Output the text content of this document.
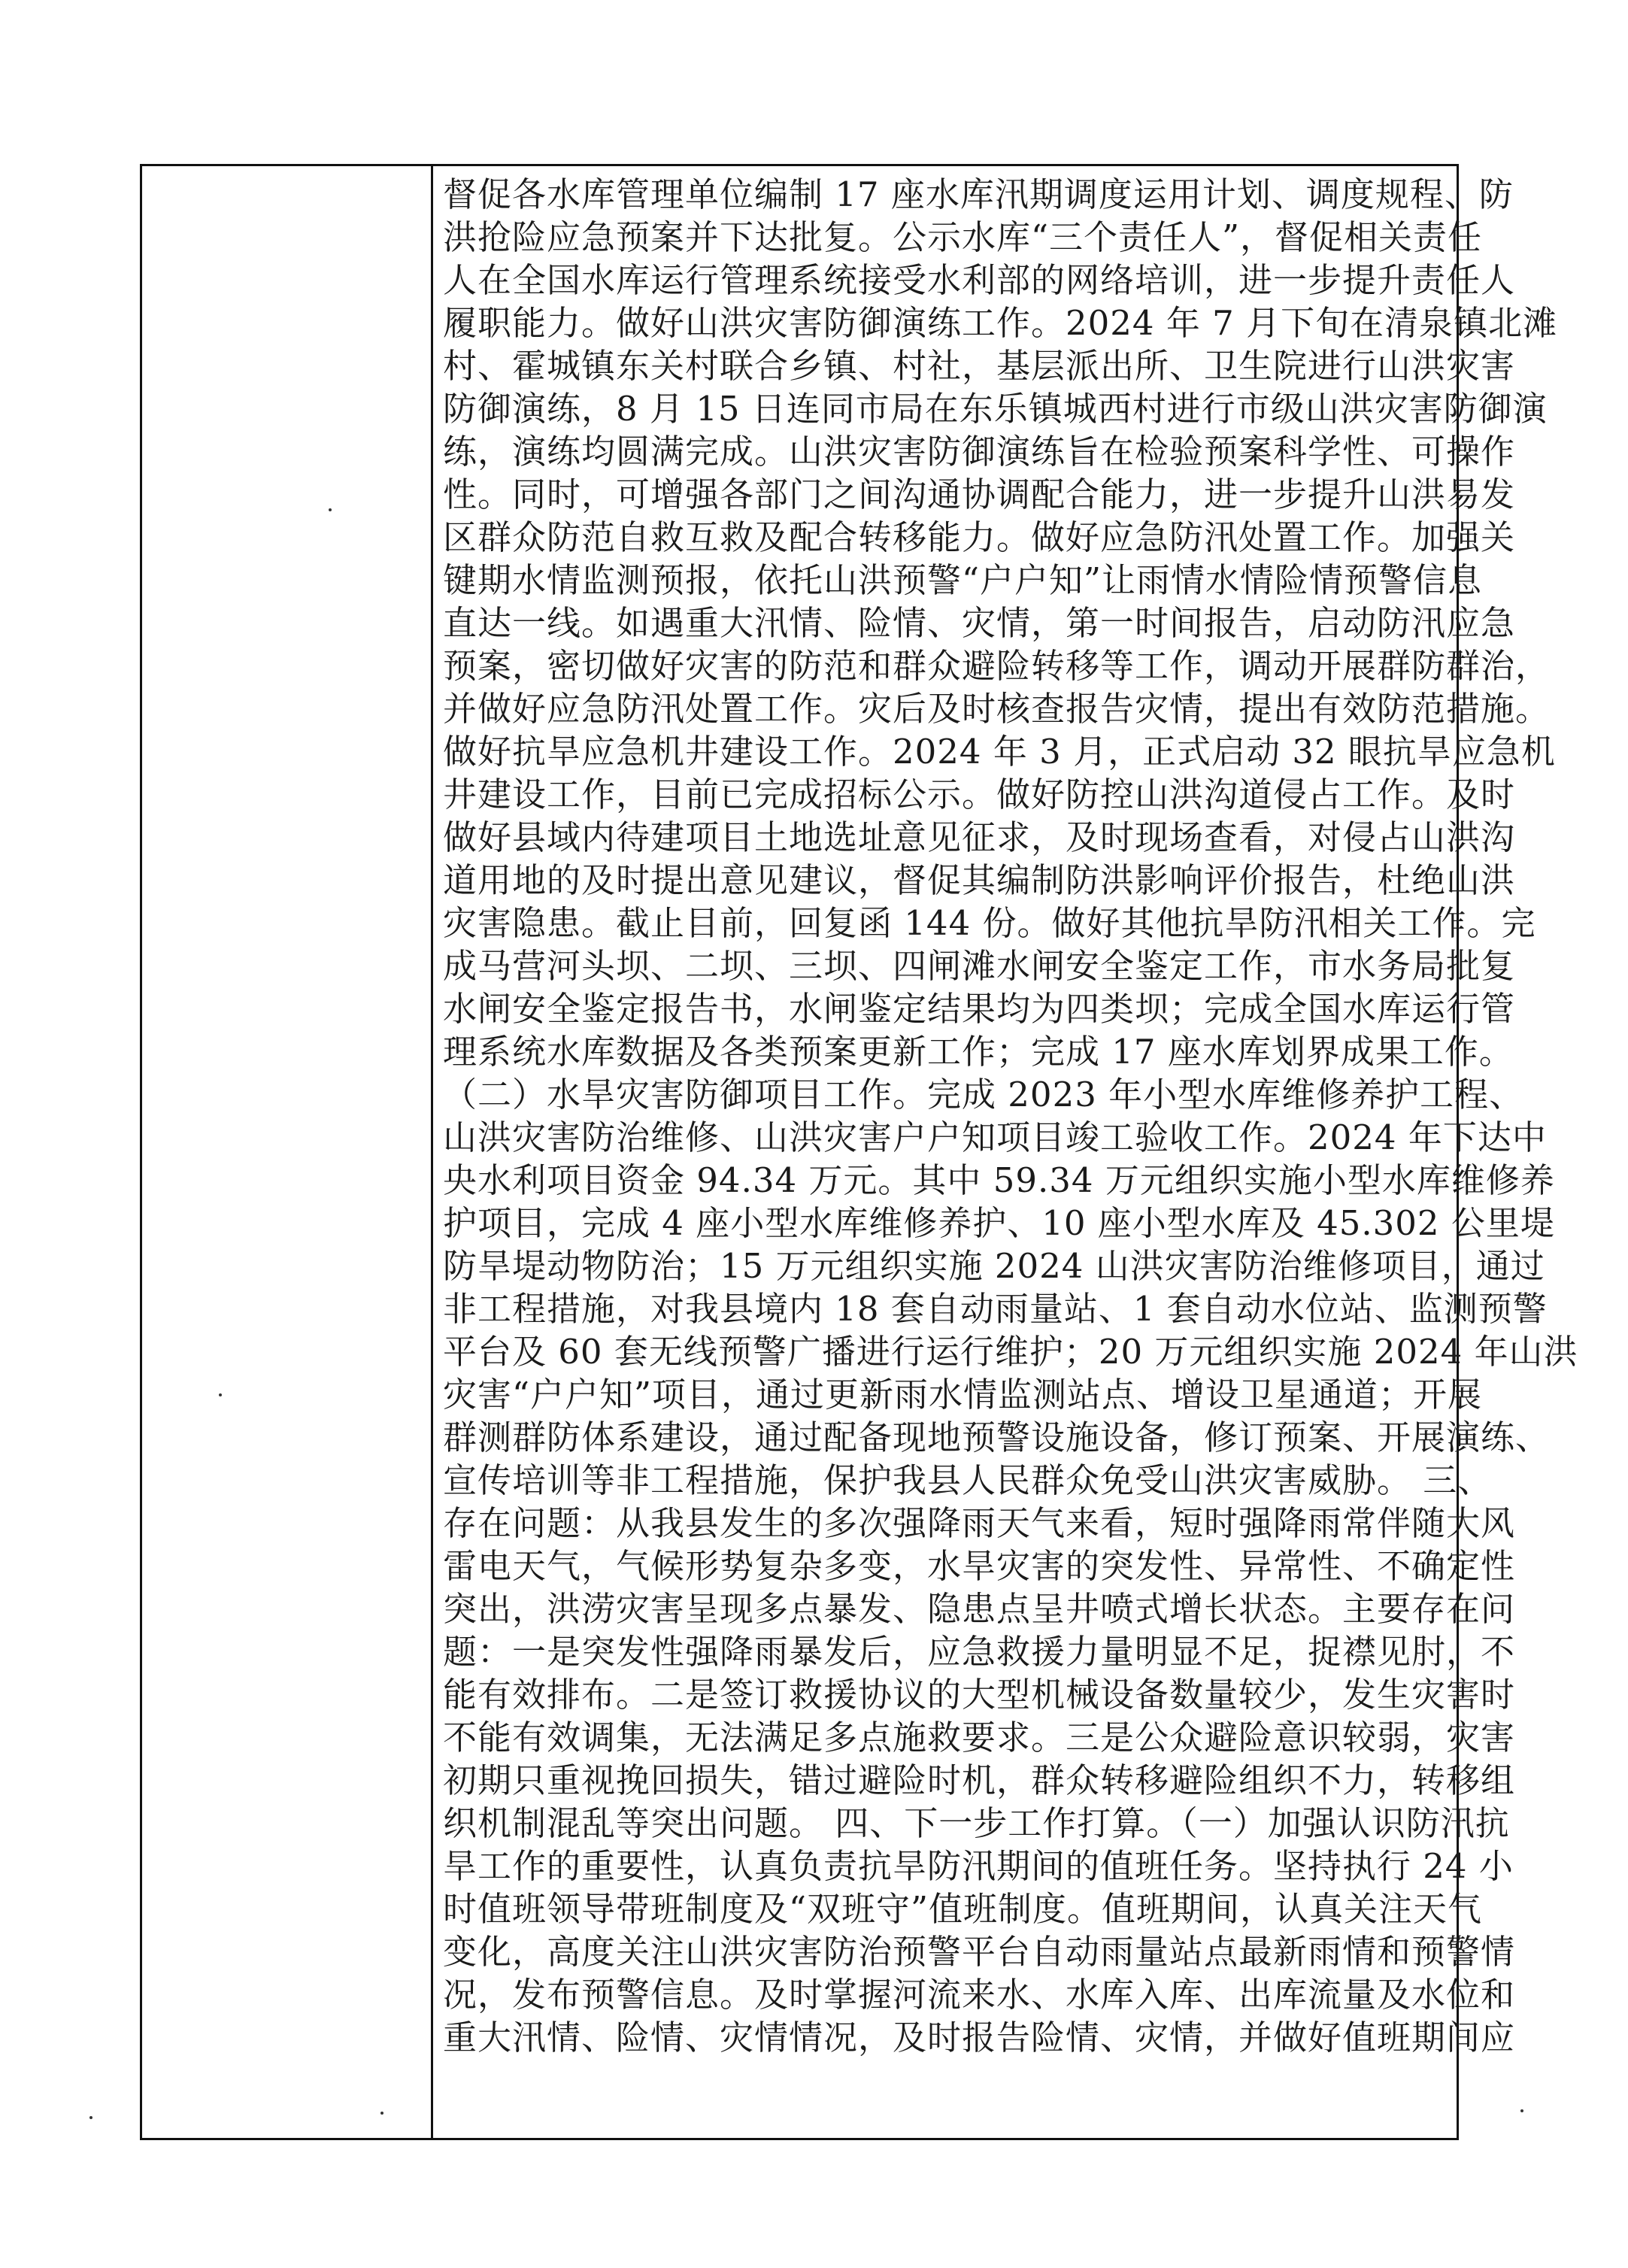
督促各水库管理单位编制 17 座水库汛期调度运用计划、调度规程、防
洪抢险应急预案并下达批复。公示水库“三个责任人”，督促相关责任
人在全国水库运行管理系统接受水利部的网络培训，进一步提升责任人
履职能力。做好山洪灾害防御演练工作。2024 年 7 月下旬在清泉镇北滩
村、霍城镇东关村联合乡镇、村社，基层派出所、卫生院进行山洪灾害
防御演练，8 月 15 日连同市局在东乐镇城西村进行市级山洪灾害防御演
练，演练均圆满完成。山洪灾害防御演练旨在检验预案科学性、可操作
性。同时，可增强各部门之间沟通协调配合能力，进一步提升山洪易发
区群众防范自救互救及配合转移能力。做好应急防汛处置工作。加强关
键期水情监测预报，依托山洪预警“户户知”让雨情水情险情预警信息
直达一线。如遇重大汛情、险情、灾情，第一时间报告，启动防汛应急
预案，密切做好灾害的防范和群众避险转移等工作，调动开展群防群治，
并做好应急防汛处置工作。灾后及时核查报告灾情，提出有效防范措施。
做好抗旱应急机井建设工作。2024 年 3 月，正式启动 32 眼抗旱应急机
井建设工作，目前已完成招标公示。做好防控山洪沟道侵占工作。及时
做好县域内待建项目土地选址意见征求，及时现场查看，对侵占山洪沟
道用地的及时提出意见建议，督促其编制防洪影响评价报告，杜绝山洪
灾害隐患。截止目前，回复函 144 份。做好其他抗旱防汛相关工作。完
成马营河头坝、二坝、三坝、四闸滩水闸安全鉴定工作，市水务局批复
水闸安全鉴定报告书，水闸鉴定结果均为四类坝；完成全国水库运行管
理系统水库数据及各类预案更新工作；完成 17 座水库划界成果工作。
（二）水旱灾害防御项目工作。完成 2023 年小型水库维修养护工程、
山洪灾害防治维修、山洪灾害户户知项目竣工验收工作。2024 年下达中
央水利项目资金 94.34 万元。其中 59.34 万元组织实施小型水库维修养
护项目，完成 4 座小型水库维修养护、10 座小型水库及 45.302 公里堤
防旱堤动物防治；15 万元组织实施 2024 山洪灾害防治维修项目，通过
非工程措施，对我县境内 18 套自动雨量站、1 套自动水位站、监测预警
平台及 60 套无线预警广播进行运行维护；20 万元组织实施 2024 年山洪
灾害“户户知”项目，通过更新雨水情监测站点、增设卫星通道；开展
群测群防体系建设，通过配备现地预警设施设备，修订预案、开展演练、
宣传培训等非工程措施，保护我县人民群众免受山洪灾害威胁。 三、
存在问题：从我县发生的多次强降雨天气来看，短时强降雨常伴随大风
雷电天气，气候形势复杂多变，水旱灾害的突发性、异常性、不确定性
突出，洪涝灾害呈现多点暴发、隐患点呈井喷式增长状态。主要存在问
题：一是突发性强降雨暴发后，应急救援力量明显不足，捉襟见肘，不
能有效排布。二是签订救援协议的大型机械设备数量较少，发生灾害时
不能有效调集，无法满足多点施救要求。三是公众避险意识较弱，灾害
初期只重视挽回损失，错过避险时机，群众转移避险组织不力，转移组
织机制混乱等突出问题。 四、下一步工作打算。（一）加强认识防汛抗
旱工作的重要性，认真负责抗旱防汛期间的值班任务。坚持执行 24 小
时值班领导带班制度及“双班守”值班制度。值班期间，认真关注天气
变化，高度关注山洪灾害防治预警平台自动雨量站点最新雨情和预警情
况，发布预警信息。及时掌握河流来水、水库入库、出库流量及水位和
重大汛情、险情、灾情情况，及时报告险情、灾情，并做好值班期间应
